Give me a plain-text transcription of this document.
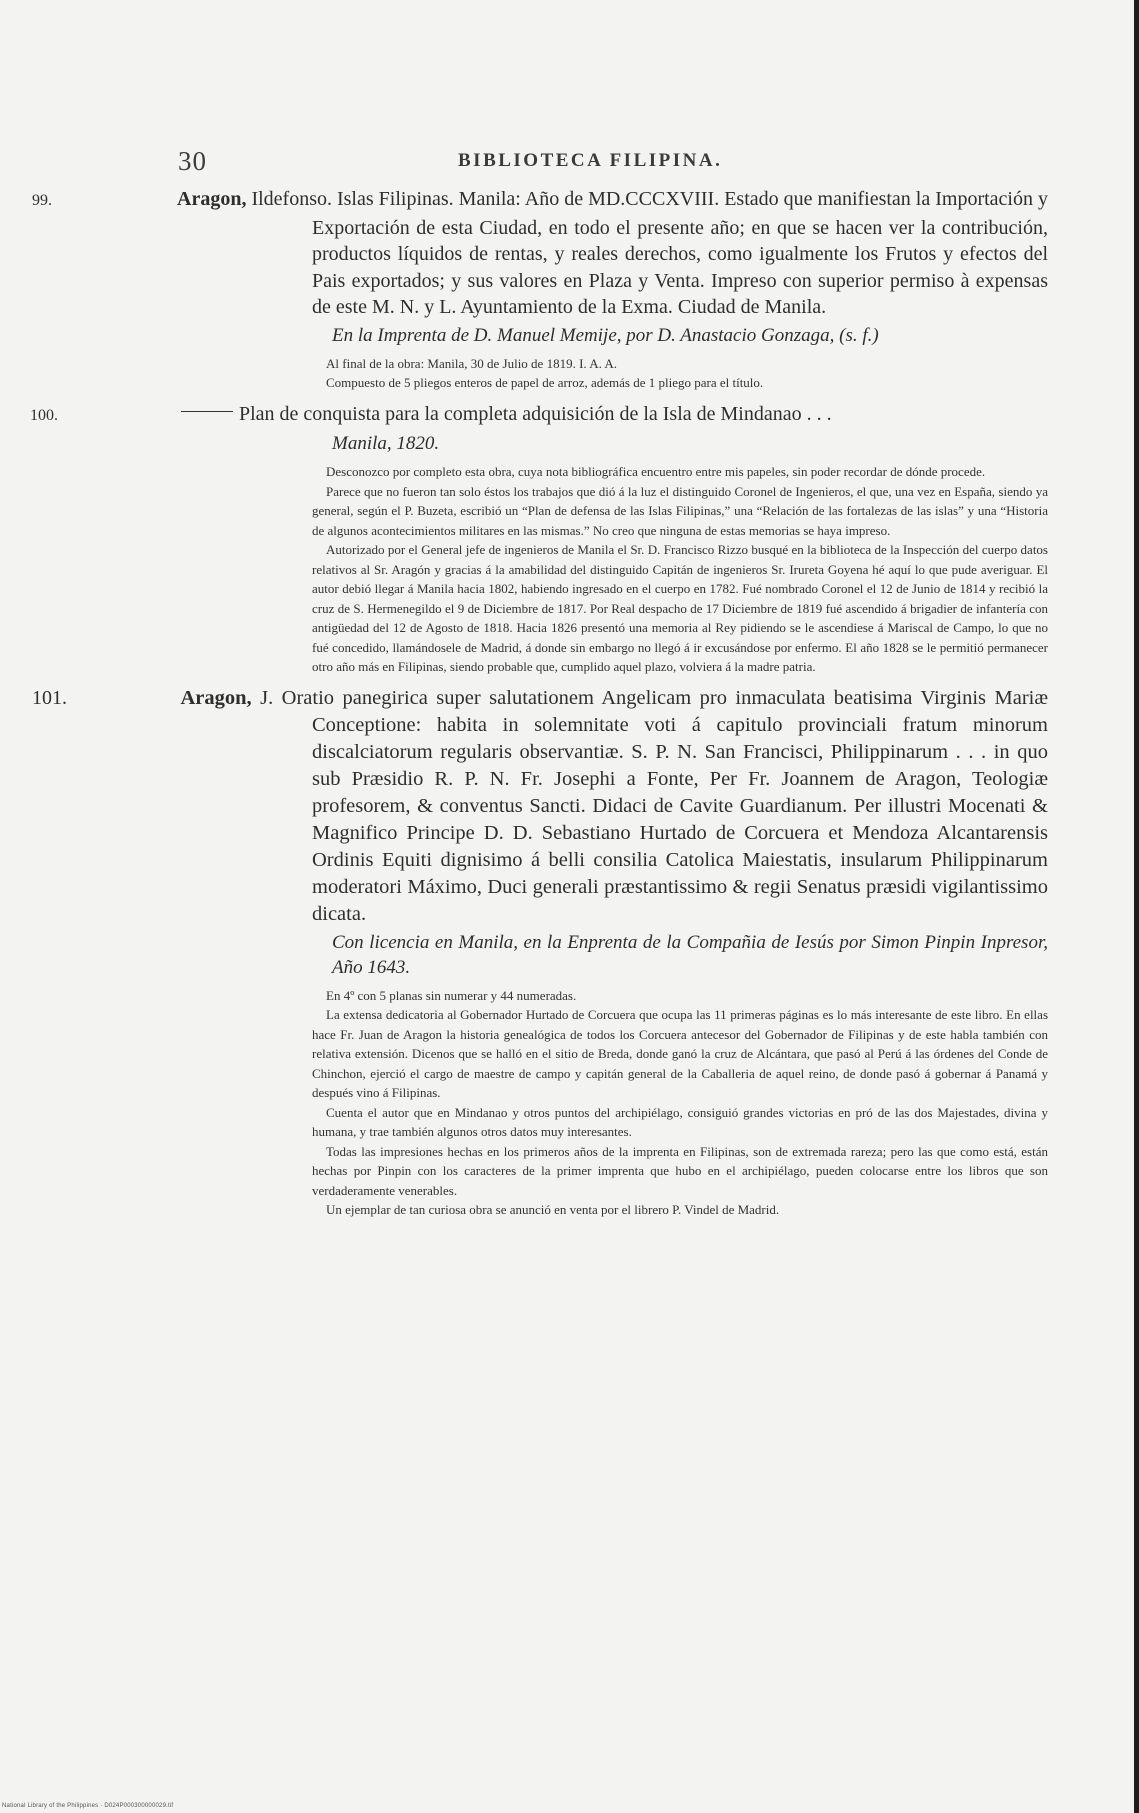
30	BIBLIOTECA FILIPINA.
99.	Aragon, Ildefonso. Islas Filipinas. Manila: Año de MD.CCCXVIII. Estado que manifiestan la Importación y Exportación de esta Ciudad, en todo el presente año; en que se hacen ver la contribución, productos líquidos de rentas, y reales derechos, como igualmente los Frutos y efectos del Pais exportados; y sus valores en Plaza y Venta. Impreso con superior permiso à expensas de este M. N. y L. Ayuntamiento de la Exma. Ciudad de Manila.
En la Imprenta de D. Manuel Memije, por D. Anastacio Gonzaga, (s. f.)
Al final de la obra: Manila, 30 de Julio de 1819. I. A. A.
Compuesto de 5 pliegos enteros de papel de arroz, además de 1 pliego para el título.
100.	Plan de conquista para la completa adquisición de la Isla de Mindanao . . .
Manila, 1820.
Desconozco por completo esta obra, cuya nota bibliográfica encuentro entre mis papeles, sin poder recordar de dónde procede.
Parece que no fueron tan solo éstos los trabajos que dió á la luz el distinguido Coronel de Ingenieros, el que, una vez en España, siendo ya general, según el P. Buzeta, escribió un “Plan de defensa de las Islas Filipinas,” una “Relación de las fortalezas de las islas” y una “Historia de algunos acontecimientos militares en las mismas.” No creo que ninguna de estas memorias se haya impreso.
Autorizado por el General jefe de ingenieros de Manila el Sr. D. Francisco Rizzo busqué en la biblioteca de la Inspección del cuerpo datos relativos al Sr. Aragón y gracias á la amabilidad del distinguido Capitán de ingenieros Sr. Irureta Goyena hé aquí lo que pude averiguar. El autor debió llegar á Manila hacia 1802, habiendo ingresado en el cuerpo en 1782. Fué nombrado Coronel el 12 de Junio de 1814 y recibió la cruz de S. Hermenegildo el 9 de Diciembre de 1817. Por Real despacho de 17 Diciembre de 1819 fué ascendido á brigadier de infantería con antigüedad del 12 de Agosto de 1818. Hacia 1826 presentó una memoria al Rey pidiendo se le ascendiese á Mariscal de Campo, lo que no fué concedido, llamándosele de Madrid, á donde sin embargo no llegó á ir excusándose por enfermo. El año 1828 se le permitió permanecer otro año más en Filipinas, siendo probable que, cumplido aquel plazo, volviera á la madre patria.
101.	Aragon, J. Oratio panegirica super salutationem Angelicam pro inmaculata beatisima Virginis Mariæ Conceptione: habita in solemnitate voti á capitulo provinciali fratum minorum discalciatorum regularis observantiæ. S. P. N. San Francisci, Philippinarum . . . in quo sub Præsidio R. P. N. Fr. Josephi a Fonte, Per Fr. Joannem de Aragon, Teologiæ profesorem, & conventus Sancti. Didaci de Cavite Guardianum. Per illustri Mocenati & Magnifico Principe D. D. Sebastiano Hurtado de Corcuera et Mendoza Alcantarensis Ordinis Equiti dignisimo á belli consilia Catolica Maiestatis, insularum Philippinarum moderatori Máximo, Duci generali præstantissimo & regii Senatus præsidi vigilantissimo dicata.
Con licencia en Manila, en la Enprenta de la Compañia de Iesús por Simon Pinpin Inpresor, Año 1643.
En 4º con 5 planas sin numerar y 44 numeradas.
La extensa dedicatoria al Gobernador Hurtado de Corcuera que ocupa las 11 primeras páginas es lo más interesante de este libro. En ellas hace Fr. Juan de Aragon la historia genealógica de todos los Corcuera antecesor del Gobernador de Filipinas y de este habla también con relativa extensión. Dicenos que se halló en el sitio de Breda, donde ganó la cruz de Alcántara, que pasó al Perú á las órdenes del Conde de Chinchon, ejerció el cargo de maestre de campo y capitán general de la Caballeria de aquel reino, de donde pasó á gobernar á Panamá y después vino á Filipinas.
Cuenta el autor que en Mindanao y otros puntos del archipiélago, consiguió grandes victorias en pró de las dos Majestades, divina y humana, y trae también algunos otros datos muy interesantes.
Todas las impresiones hechas en los primeros años de la imprenta en Filipinas, son de extremada rareza; pero las que como está, están hechas por Pinpin con los caracteres de la primer imprenta que hubo en el archipiélago, pueden colocarse entre los libros que son verdaderamente venerables.
Un ejemplar de tan curiosa obra se anunció en venta por el librero P. Vindel de Madrid.
National Library of the Philippines · D024P000300000029.tif
